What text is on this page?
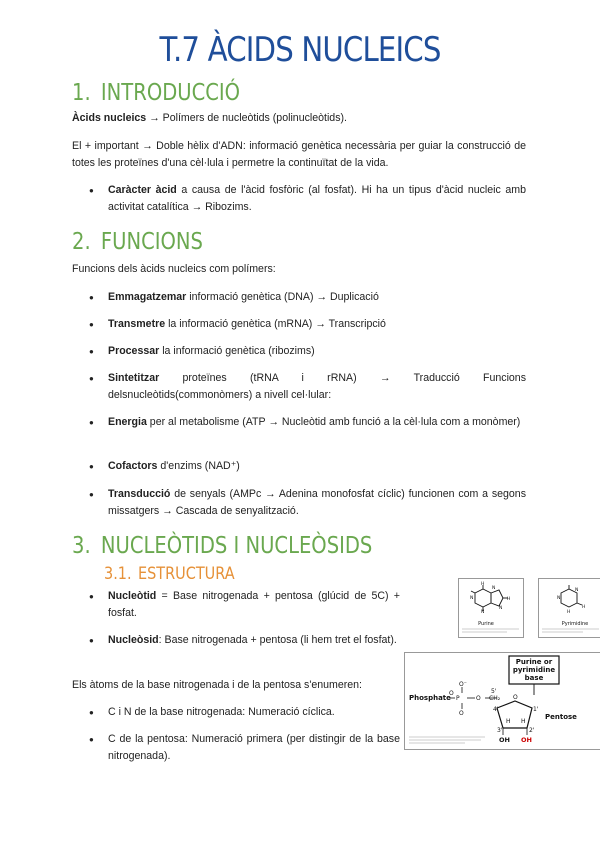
T.7 ÀCIDS NUCLEICS
1. INTRODUCCIÓ
Àcids nucleics → Polímers de nucleòtids (polinucleòtids).
El + important → Doble hèlix d'ADN: informació genètica necessària per guiar la construcció de totes les proteïnes d'una cèl·lula i permetre la continuïtat de la vida.
● Caràcter àcid a causa de l'àcid fosfòric (al fosfat). Hi ha un tipus d'àcid nucleic amb activitat catalítica → Ribozims.
2. FUNCIONS
Funcions dels àcids nucleics com polímers:
● Emmagatzemar informació genètica (DNA) → Duplicació
● Transmetre la informació genètica (mRNA) → Transcripció
● Processar la informació genètica (ribozims)
● Sintetitzar proteïnes (tRNA i rRNA) → Traducció Funcions delsnucleòtids(commonòmers) a nivell cel·lular:
● Energia per al metabolisme (ATP → Nucleòtid amb funció a la cèl·lula com a monòmer)
● Cofactors d'enzims (NAD⁺)
● Transducció de senyals (AMPc → Adenina monofosfat cíclic) funcionen com a segons missatgers → Cascada de senyalització.
3. NUCLEÒTIDS I NUCLEÒSIDS
3.1. ESTRUCTURA
● Nucleòtid = Base nitrogenada + pentosa (glúcid de 5C) + fosfat.
● Nucleòsid: Base nitrogenada + pentosa (li hem tret el fosfat).
Els àtoms de la base nitrogenada i de la pentosa s'enumeren:
● C i N de la base nitrogenada: Numeració cíclica.
● C de la pentosa: Numeració primera (per distingir de la base nitrogenada).
N
N
N
N
H
H
Purine
N
N
H
H
Pyrimidine
Purine or pyrimidine base
Phosphate P	O
O⁻
O
O	5'
CH₂ O
4'	1'
3'	2'
H H
OH OH
Pentose
